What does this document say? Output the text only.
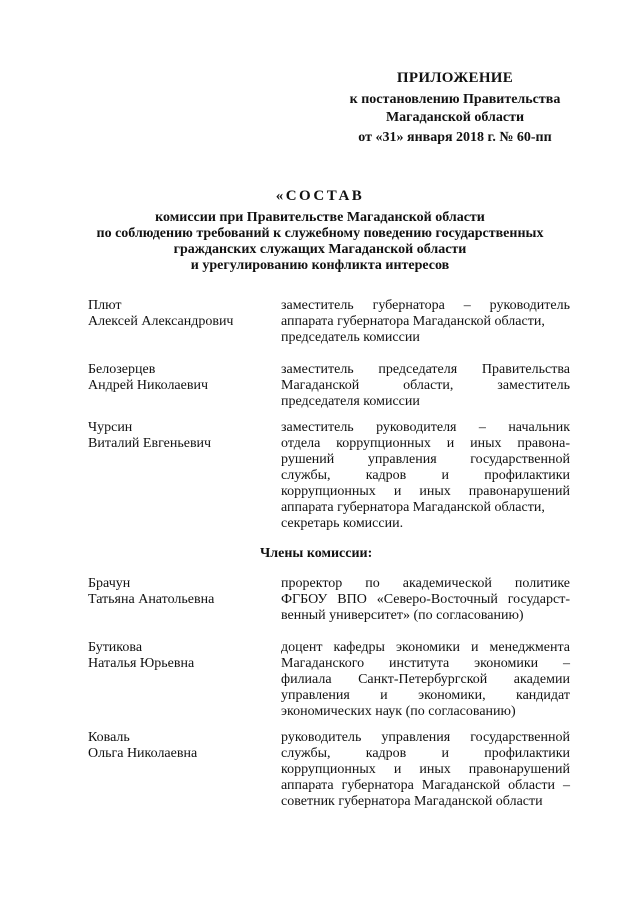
ПРИЛОЖЕНИЕ
к постановлению Правительства
Магаданской области
от «31» января 2018 г. № 60-пп
«СОСТАВ
комиссии при Правительстве Магаданской области
по соблюдению требований к служебному поведению государственных
гражданских служащих Магаданской области
и урегулированию конфликта интересов
Плют
Алексей Александрович
заместитель губернатора – руководитель
аппарата губернатора Магаданской области,
председатель комиссии
Белозерцев
Андрей Николаевич
заместитель председателя Правительства
Магаданской области, заместитель
председателя комиссии
Чурсин
Виталий Евгеньевич
заместитель руководителя – начальник
отдела коррупционных и иных правона-
рушений управления государственной
службы, кадров и профилактики
коррупционных и иных правонарушений
аппарата губернатора Магаданской области,
секретарь комиссии.
Члены комиссии:
Брачун
Татьяна Анатольевна
проректор по академической политике
ФГБОУ ВПО «Северо-Восточный государст-
венный университет» (по согласованию)
Бутикова
Наталья Юрьевна
доцент кафедры экономики и менеджмента
Магаданского института экономики –
филиала Санкт-Петербургской академии
управления и экономики, кандидат
экономических наук (по согласованию)
Коваль
Ольга Николаевна
руководитель управления государственной
службы, кадров и профилактики
коррупционных и иных правонарушений
аппарата губернатора Магаданской области –
советник губернатора Магаданской области
